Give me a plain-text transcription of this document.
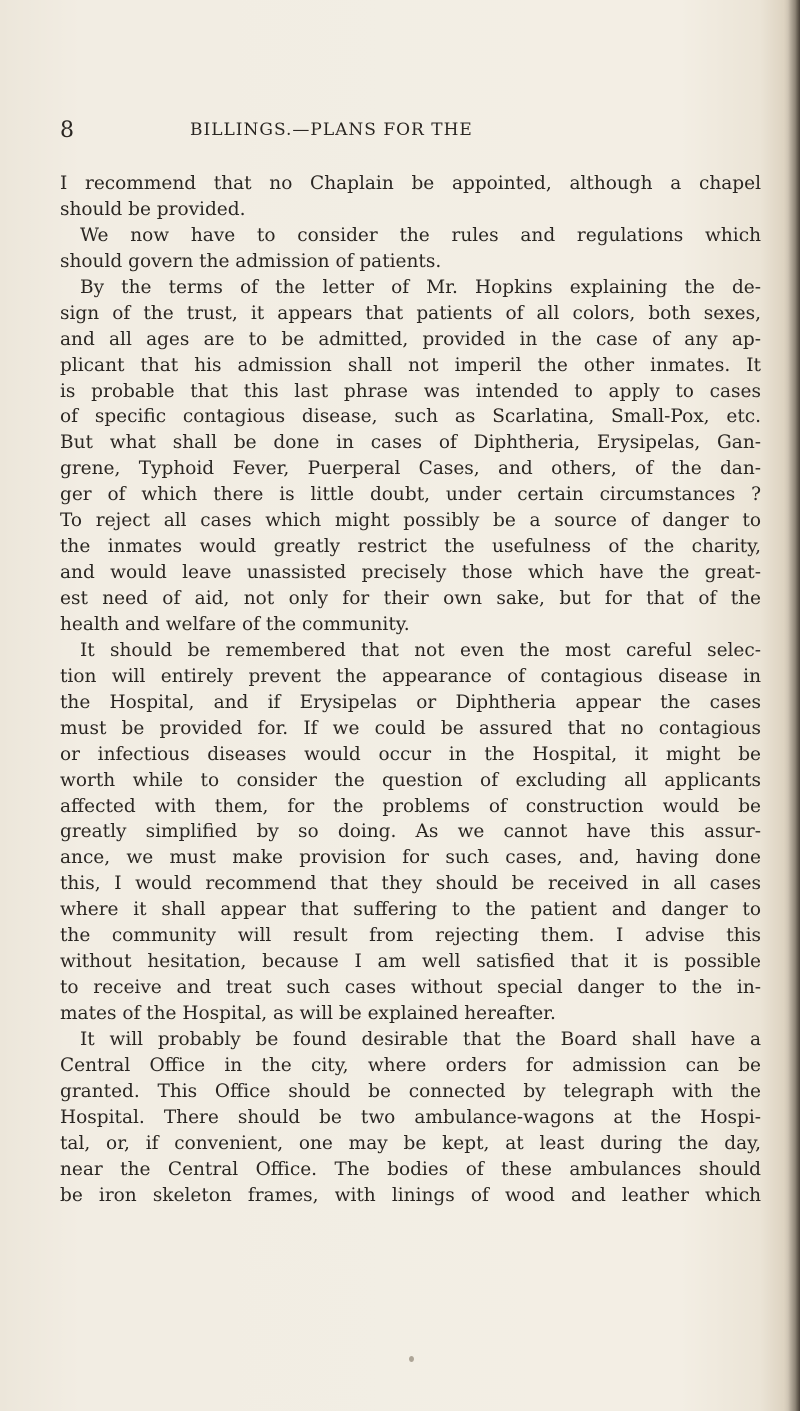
8	BILLINGS.—PLANS FOR THE
I recommend that no Chaplain be appointed, although a chapel
should be provided.
We now have to consider the rules and regulations which
should govern the admission of patients.
By the terms of the letter of Mr. Hopkins explaining the de-
sign of the trust, it appears that patients of all colors, both sexes,
and all ages are to be admitted, provided in the case of any ap-
plicant that his admission shall not imperil the other inmates. It
is probable that this last phrase was intended to apply to cases
of specific contagious disease, such as Scarlatina, Small-Pox, etc.
But what shall be done in cases of Diphtheria, Erysipelas, Gan-
grene, Typhoid Fever, Puerperal Cases, and others, of the dan-
ger of which there is little doubt, under certain circumstances ?
To reject all cases which might possibly be a source of danger to
the inmates would greatly restrict the usefulness of the charity,
and would leave unassisted precisely those which have the great-
est need of aid, not only for their own sake, but for that of the
health and welfare of the community.
It should be remembered that not even the most careful selec-
tion will entirely prevent the appearance of contagious disease in
the Hospital, and if Erysipelas or Diphtheria appear the cases
must be provided for. If we could be assured that no contagious
or infectious diseases would occur in the Hospital, it might be
worth while to consider the question of excluding all applicants
affected with them, for the problems of construction would be
greatly simplified by so doing. As we cannot have this assur-
ance, we must make provision for such cases, and, having done
this, I would recommend that they should be received in all cases
where it shall appear that suffering to the patient and danger to
the community will result from rejecting them. I advise this
without hesitation, because I am well satisfied that it is possible
to receive and treat such cases without special danger to the in-
mates of the Hospital, as will be explained hereafter.
It will probably be found desirable that the Board shall have a
Central Office in the city, where orders for admission can be
granted. This Office should be connected by telegraph with the
Hospital. There should be two ambulance-wagons at the Hospi-
tal, or, if convenient, one may be kept, at least during the day,
near the Central Office. The bodies of these ambulances should
be iron skeleton frames, with linings of wood and leather which
